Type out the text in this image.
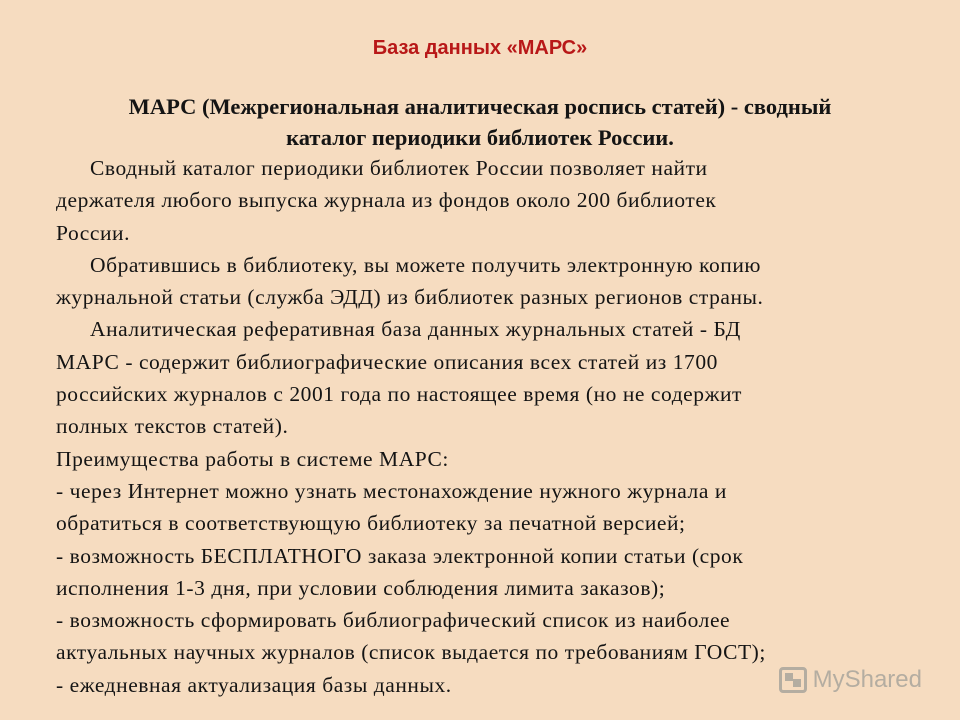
База данных «МАРС»
МАРС (Межрегиональная аналитическая роспись статей) - сводный
каталог периодики библиотек России.
Сводный каталог периодики библиотек России позволяет найти
держателя любого выпуска журнала из фондов около 200 библиотек
России.
Обратившись в библиотеку, вы можете получить электронную копию
журнальной статьи (служба ЭДД) из библиотек разных регионов страны.
Аналитическая реферативная база данных журнальных статей - БД
МАРС - содержит библиографические описания всех статей из 1700
российских журналов с 2001 года по настоящее время (но не содержит
полных текстов статей).
Преимущества работы в системе МАРС:
- через Интернет можно узнать местонахождение нужного журнала и
обратиться в соответствующую библиотеку за печатной версией;
- возможность БЕСПЛАТНОГО заказа электронной копии статьи (срок
исполнения 1-3 дня, при условии соблюдения лимита заказов);
- возможность сформировать библиографический список из наиболее
актуальных научных журналов (список выдается по требованиям ГОСТ);
- ежедневная актуализация базы данных.	MyShared
